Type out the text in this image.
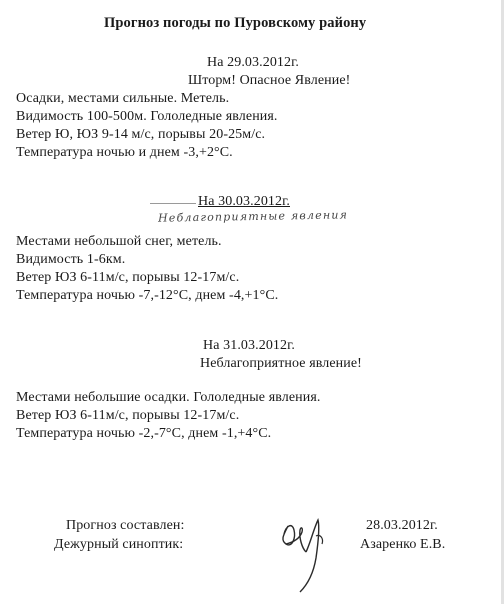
Прогноз погоды по Пуровскому району
На 29.03.2012г.
Шторм! Опасное Явление!
Осадки, местами сильные. Метель.
Видимость 100-500м. Гололедные явления.
Ветер Ю, ЮЗ 9-14 м/с, порывы 20-25м/с.
Температура ночью и днем -3,+2°С.
На 30.03.2012г.
Неблагоприятные явления
Местами небольшой снег, метель.
Видимость 1-6км.
Ветер ЮЗ 6-11м/с, порывы 12-17м/с.
Температура ночью -7,-12°С, днем -4,+1°С.
На 31.03.2012г.
Неблагоприятное явление!
Местами небольшие осадки. Гололедные явления.
Ветер ЮЗ 6-11м/с, порывы 12-17м/с.
Температура ночью -2,-7°С, днем -1,+4°С.
Прогноз составлен:
Дежурный синоптик:
28.03.2012г.
Азаренко Е.В.
